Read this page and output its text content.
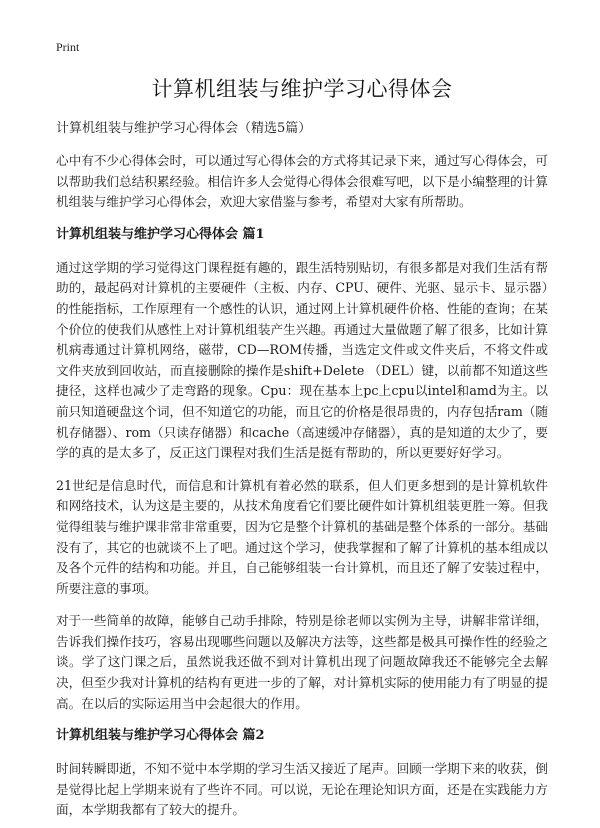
Print
计算机组装与维护学习心得体会
计算机组装与维护学习心得体会（精选5篇）

心中有不少心得体会时，可以通过写心得体会的方式将其记录下来，通过写心得体会，可以帮助我们总结积累经验。相信许多人会觉得心得体会很难写吧，以下是小编整理的计算机组装与维护学习心得体会，欢迎大家借鉴与参考，希望对大家有所帮助。

计算机组装与维护学习心得体会 篇1

通过这学期的学习觉得这门课程挺有趣的，跟生活特别贴切，有很多都是对我们生活有帮助的，最起码对计算机的主要硬件（主板、内存、CPU、硬件、光驱、显示卡、显示器）的性能指标，工作原理有一个感性的认识，通过网上计算机硬件价格、性能的查询；在某个价位的使我们从感性上对计算机组装产生兴趣。再通过大量做题了解了很多，比如计算机病毒通过计算机网络，磁带，CD—ROM传播，当选定文件或文件夹后，不将文件或文件夹放到回收站，而直接删除的操作是shift+Delete （DEL）键，以前都不知道这些捷径，这样也减少了走弯路的现象。Cpu：现在基本上pc上cpu以intel和amd为主。以前只知道硬盘这个词，但不知道它的功能，而且它的价格是很昂贵的，内存包括ram（随机存储器）、rom（只读存储器）和cache（高速缓冲存储器），真的是知道的太少了，要学的真的是太多了，反正这门课程对我们生活是挺有帮助的，所以更要好好学习。

21世纪是信息时代，而信息和计算机有着必然的联系，但人们更多想到的是计算机软件和网络技术，认为这是主要的，从技术角度看它们要比硬件如计算机组装更胜一筹。但我觉得组装与维护课非常非常重要，因为它是整个计算机的基础是整个体系的一部分。基础没有了，其它的也就谈不上了吧。通过这个学习，使我掌握和了解了计算机的基本组成以及各个元件的结构和功能。并且，自己能够组装一台计算机，而且还了解了安装过程中，所要注意的事项。

对于一些简单的故障，能够自己动手排除，特别是徐老师以实例为主导，讲解非常详细，告诉我们操作技巧，容易出现哪些问题以及解决方法等，这些都是极具可操作性的经验之谈。学了这门课之后，虽然说我还做不到对计算机出现了问题故障我还不能够完全去解决，但至少我对计算机的结构有更进一步的了解，对计算机实际的使用能力有了明显的提高。在以后的实际运用当中会起很大的作用。

计算机组装与维护学习心得体会 篇2

时间转瞬即逝，不知不觉中本学期的学习生活又接近了尾声。回顾一学期下来的收获，倒是觉得比起上学期来说有了些许不同。可以说，无论在理论知识方面，还是在实践能力方面，本学期我都有了较大的提升。
